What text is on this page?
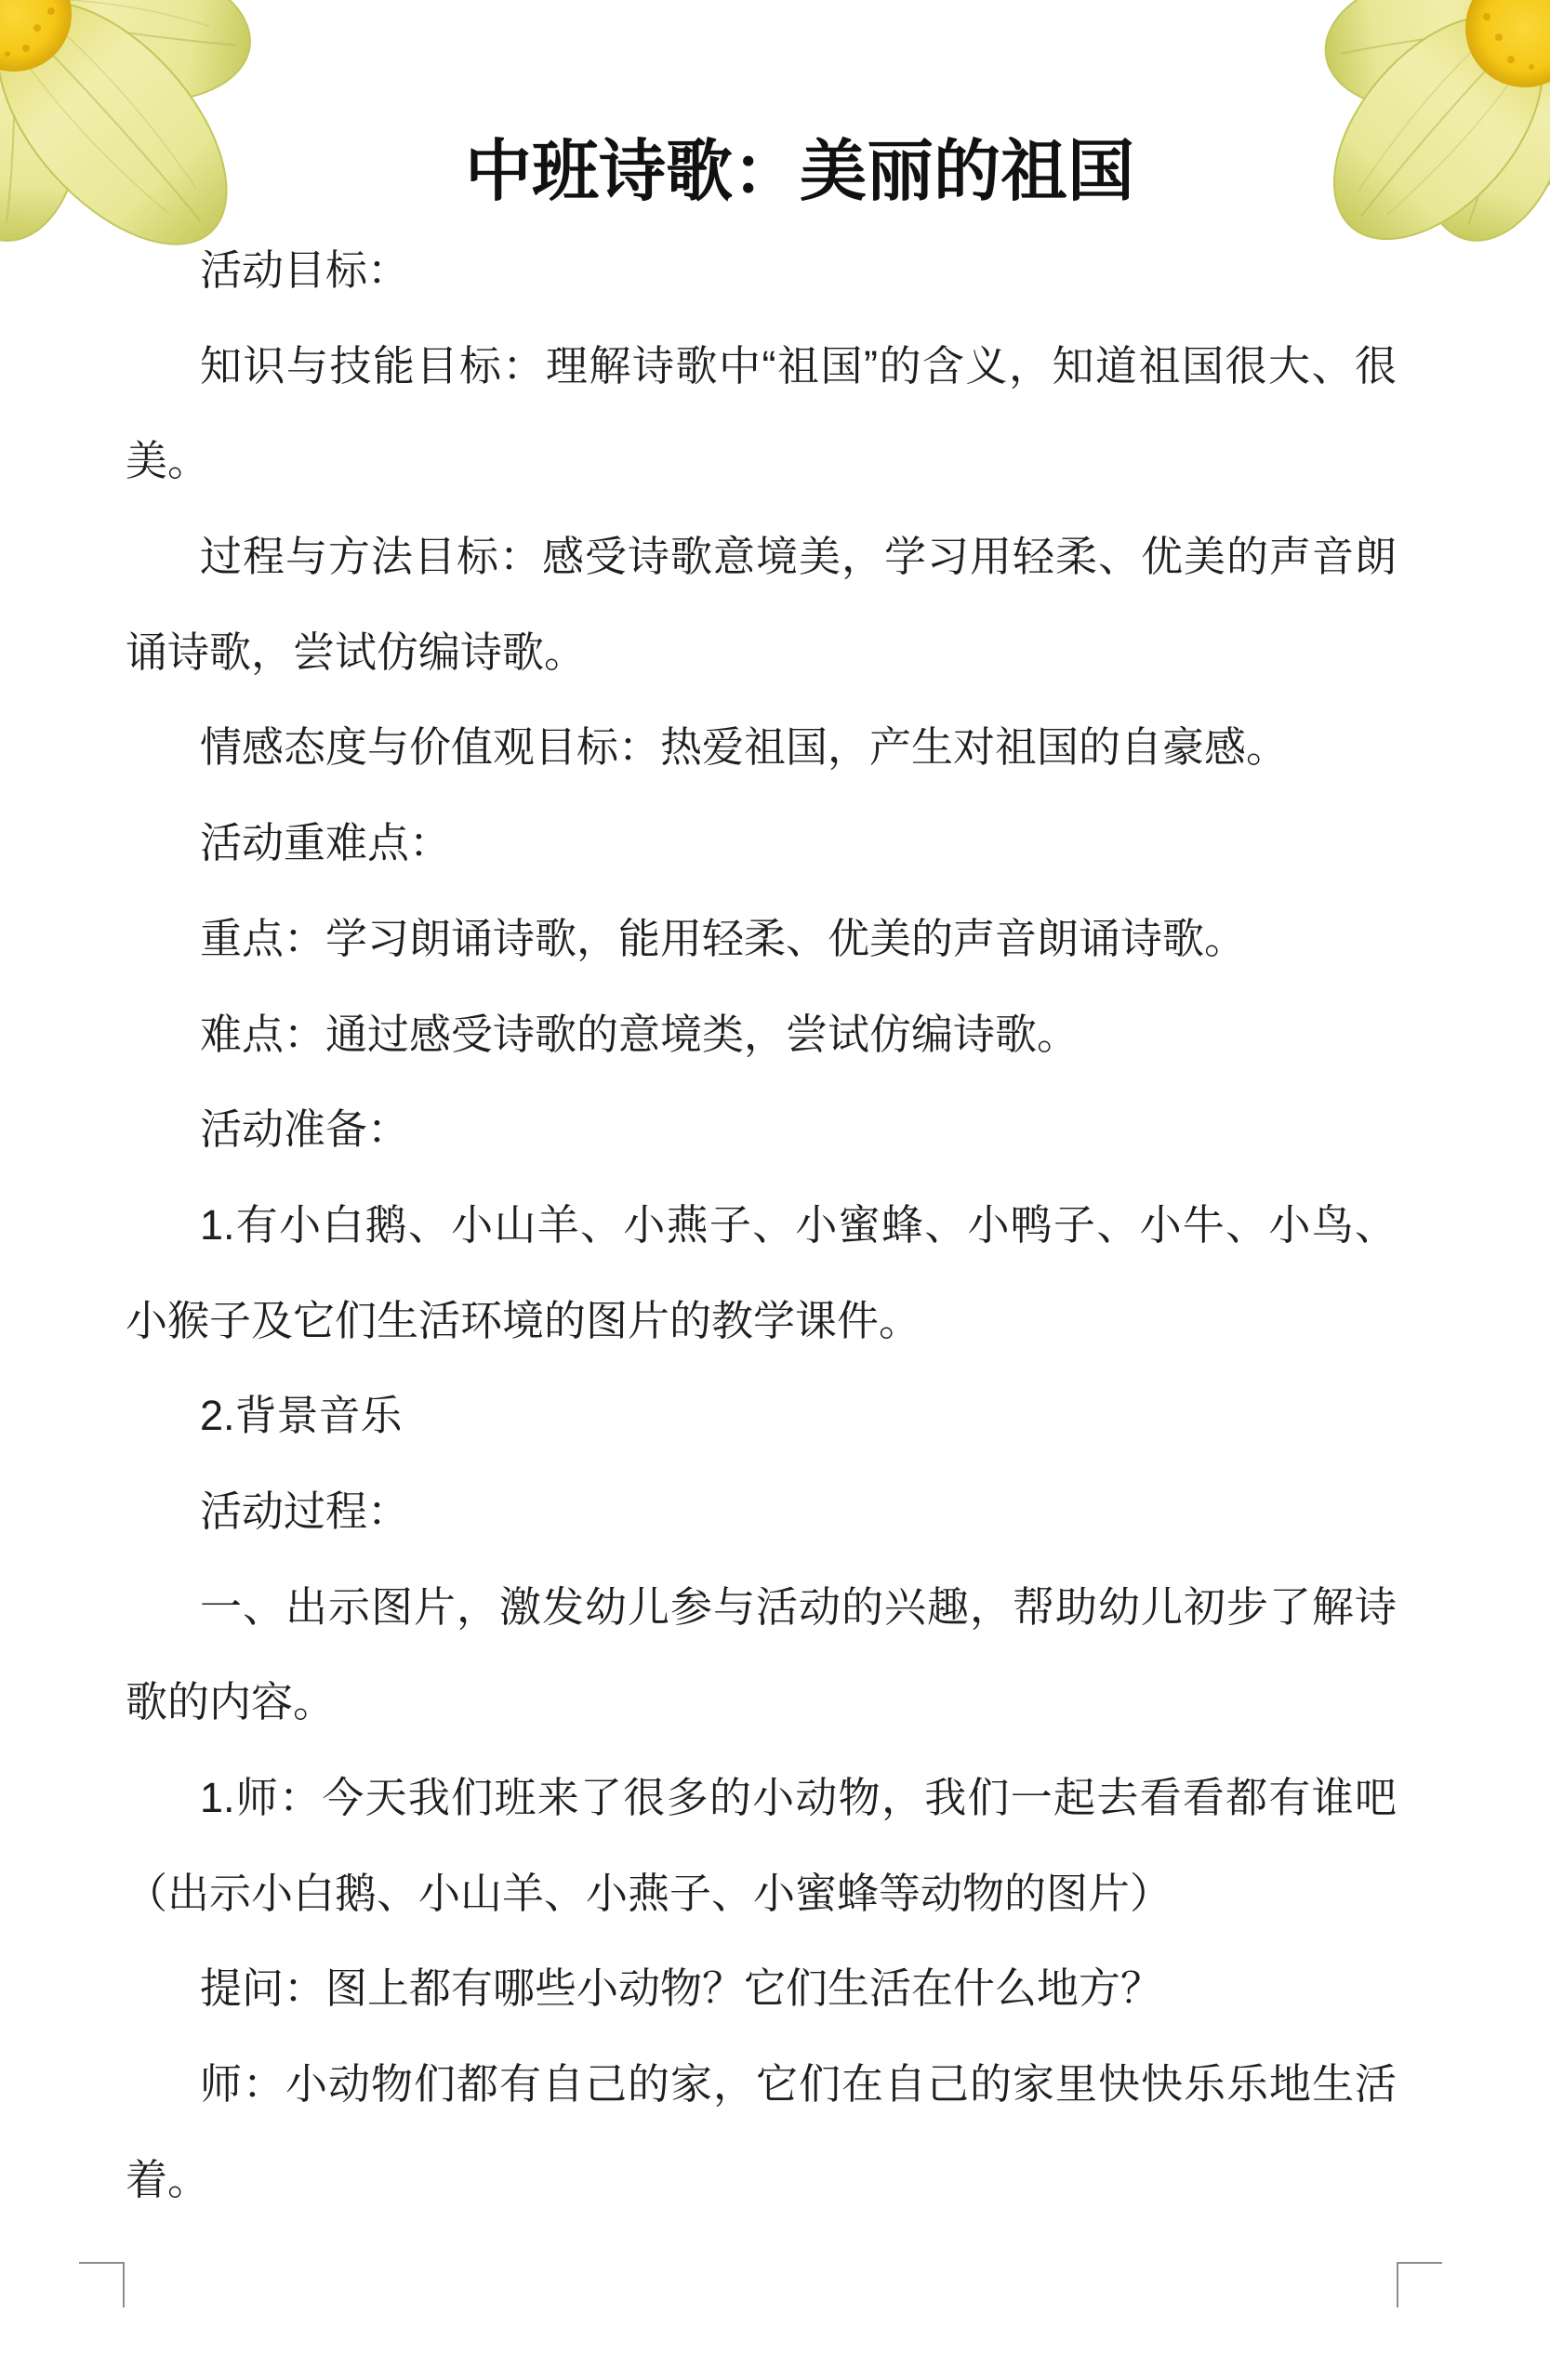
中班诗歌：美丽的祖国
活动目标：
知识与技能目标：理解诗歌中“祖国”的含义，知道祖国很大、很
美。
过程与方法目标：感受诗歌意境美，学习用轻柔、优美的声音朗
诵诗歌，尝试仿编诗歌。
情感态度与价值观目标：热爱祖国，产生对祖国的自豪感。
活动重难点：
重点：学习朗诵诗歌，能用轻柔、优美的声音朗诵诗歌。
难点：通过感受诗歌的意境类，尝试仿编诗歌。
活动准备：
1.有小白鹅、小山羊、小燕子、小蜜蜂、小鸭子、小牛、小鸟、
小猴子及它们生活环境的图片的教学课件。
2.背景音乐
活动过程：
一、出示图片，激发幼儿参与活动的兴趣，帮助幼儿初步了解诗
歌的内容。
1.师：今天我们班来了很多的小动物，我们一起去看看都有谁吧
（出示小白鹅、小山羊、小燕子、小蜜蜂等动物的图片）
提问：图上都有哪些小动物？它们生活在什么地方？
师：小动物们都有自己的家，它们在自己的家里快快乐乐地生活
着。
